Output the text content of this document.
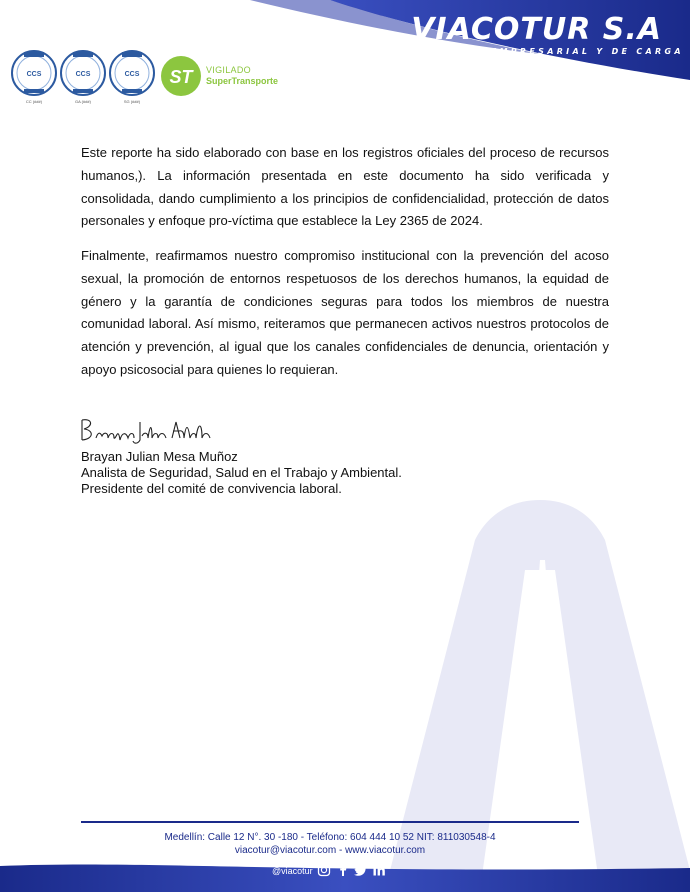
VIACOTUR S.A
TRANSPORTE EMPRESARIAL Y DE CARGA
CCS
CC (###)
CCS
GA (###)
CCS
SG (###)
ST VIGILADO
SuperTransporte

Este reporte ha sido elaborado con base en los registros oficiales del proceso de recursos humanos,). La información presentada en este documento ha sido verificada y consolidada, dando cumplimiento a los principios de confidencialidad, protección de datos personales y enfoque pro-víctima que establece la Ley 2365 de 2024.

Finalmente, reafirmamos nuestro compromiso institucional con la prevención del acoso sexual, la promoción de entornos respetuosos de los derechos humanos, la equidad de género y la garantía de condiciones seguras para todos los miembros de nuestra comunidad laboral. Así mismo, reiteramos que permanecen activos nuestros protocolos de atención y prevención, al igual que los canales confidenciales de denuncia, orientación y apoyo psicosocial para quienes lo requieran.

Brayan Julian Mesa Muñoz
Analista de Seguridad, Salud en el Trabajo y Ambiental.
Presidente del comité de convivencia laboral.
Medellín: Calle 12 N°. 30 -180 - Teléfono: 604 444 10 52 NIT: 811030548-4
viacotur@viacotur.com - www.viacotur.com
@viacotur
